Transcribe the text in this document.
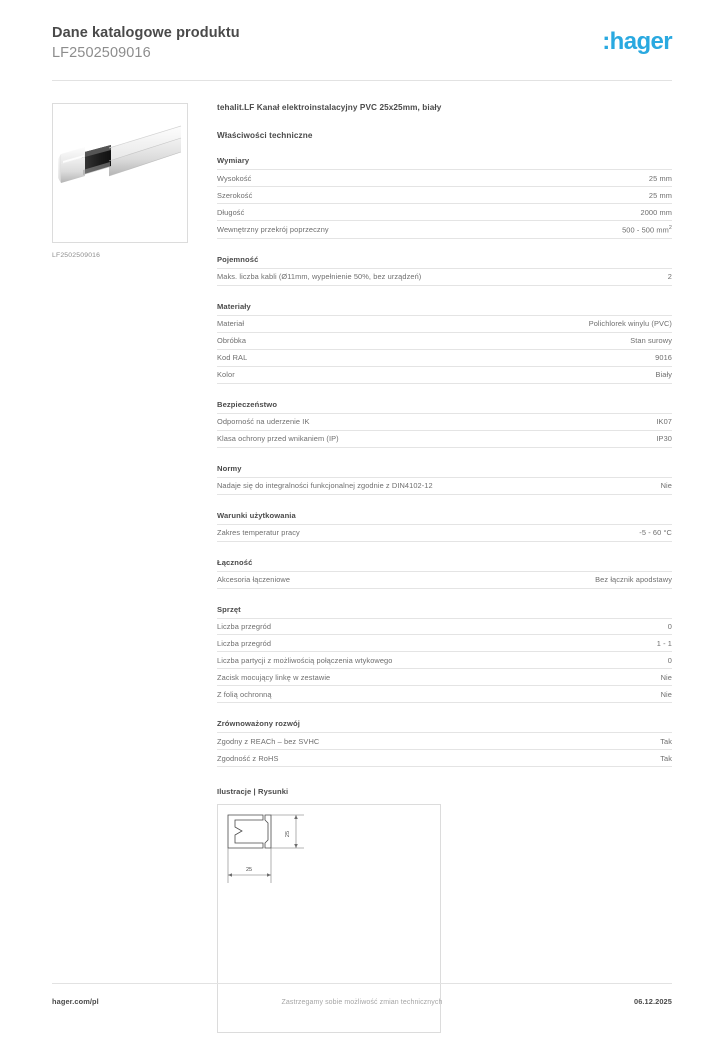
Dane katalogowe produktu
LF2502509016	:hager
LF2502509016
tehalit.LF Kanał elektroinstalacyjny PVC 25x25mm, biały
Właściwości techniczne
Wymiary
Wysokość	25 mm
Szerokość	25 mm
Długość	2000 mm
Wewnętrzny przekrój poprzeczny	500 - 500 $mm^2$
Pojemność
Maks. liczba kabli (Ø11mm, wypełnienie 50%, bez urządzeń)	2
Materiały
Materiał	Polichlorek winylu (PVC)
Obróbka	Stan surowy
Kod RAL	9016
Kolor	Biały
Bezpieczeństwo
Odporność na uderzenie IK	IK07
Klasa ochrony przed wnikaniem (IP)	IP30
Normy
Nadaje się do integralności funkcjonalnej zgodnie z DIN4102-12	Nie
Warunki użytkowania
Zakres temperatur pracy	-5 - 60 °C
Łączność
Akcesoria łączeniowe	Bez łącznik apodstawy
Sprzęt
Liczba przegród	0
Liczba przegród	1 - 1
Liczba partycji z możliwością połączenia wtykowego	0
Zacisk mocujący linkę w zestawie	Nie
Z folią ochronną	Nie
Zrównoważony rozwój
Zgodny z REACh – bez SVHC	Tak
Zgodność z RoHS	Tak
Ilustracje | Rysunki
25
25
hager.com/pl	Zastrzegamy sobie możliwość zmian technicznych	06.12.2025
